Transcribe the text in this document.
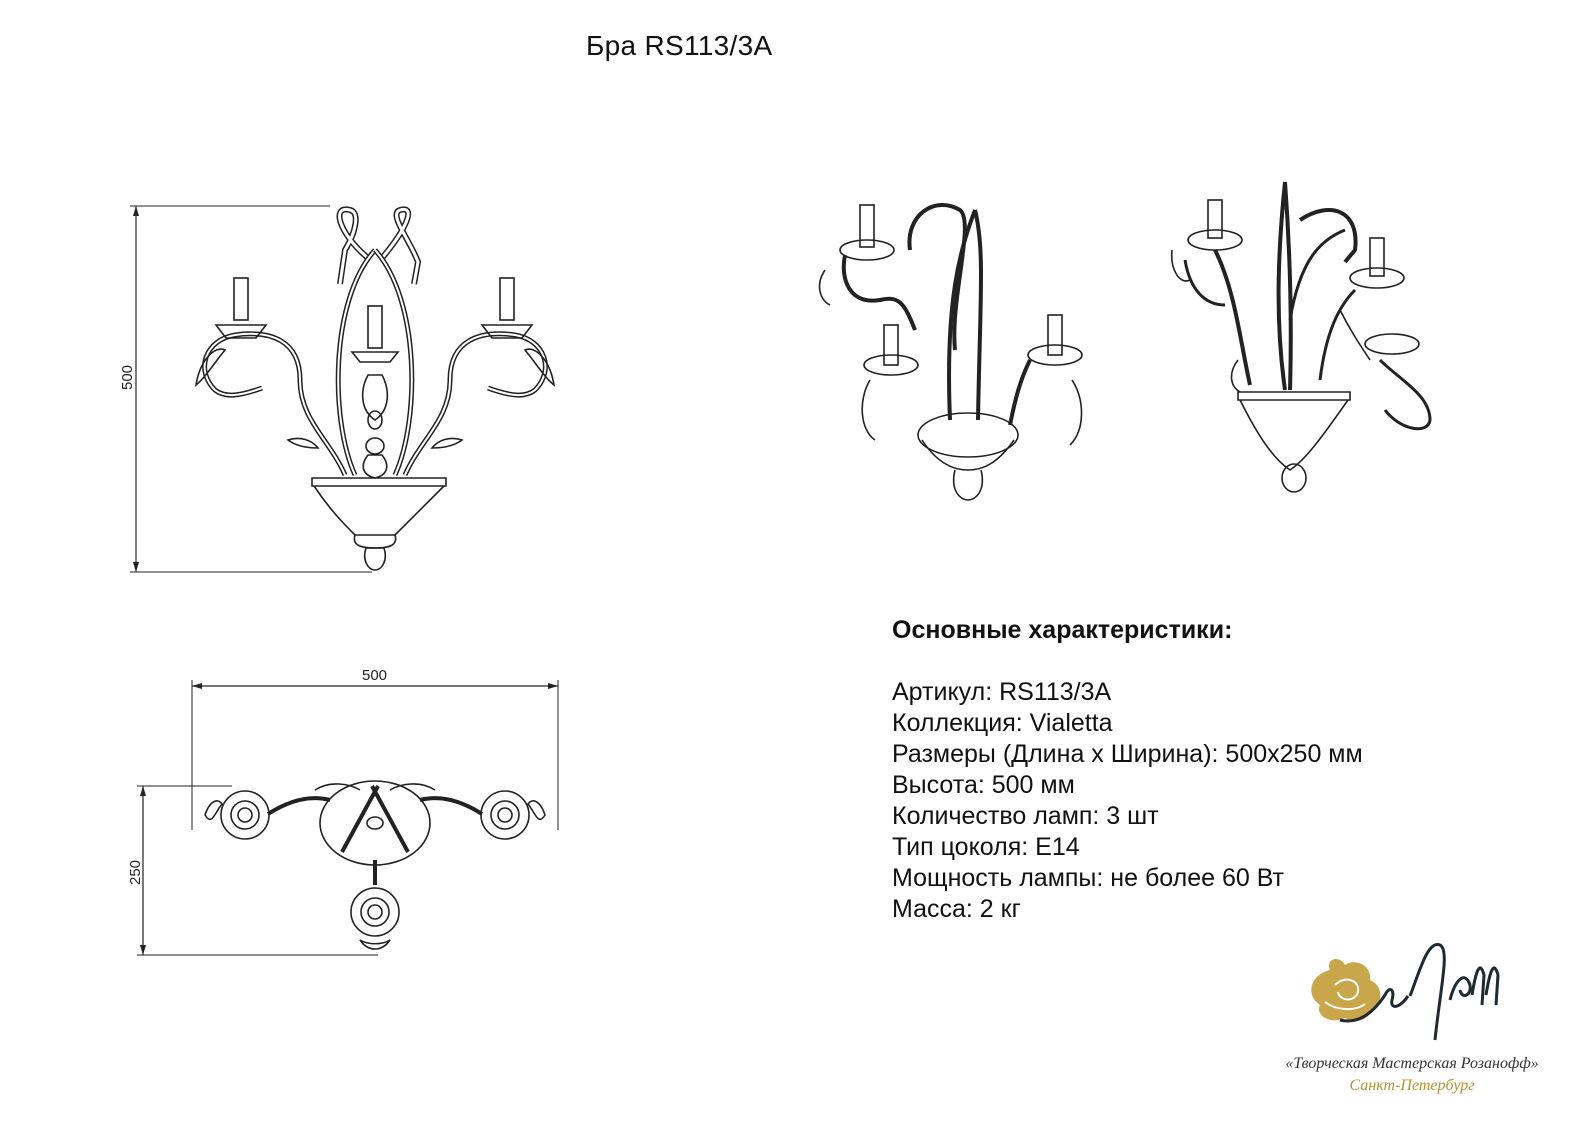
Бра RS113/3A
500
500
250
Основные характеристики:
Артикул: RS113/3A
Коллекция: Vialetta
Размеры (Длина x Ширина): 500x250 мм
Высота: 500 мм
Количество ламп: 3 шт
Тип цоколя: E14
Мощность лампы: не более 60 Вт
Масса: 2 кг
«Творческая Мастерская Розанофф»
Санкт-Петербург
